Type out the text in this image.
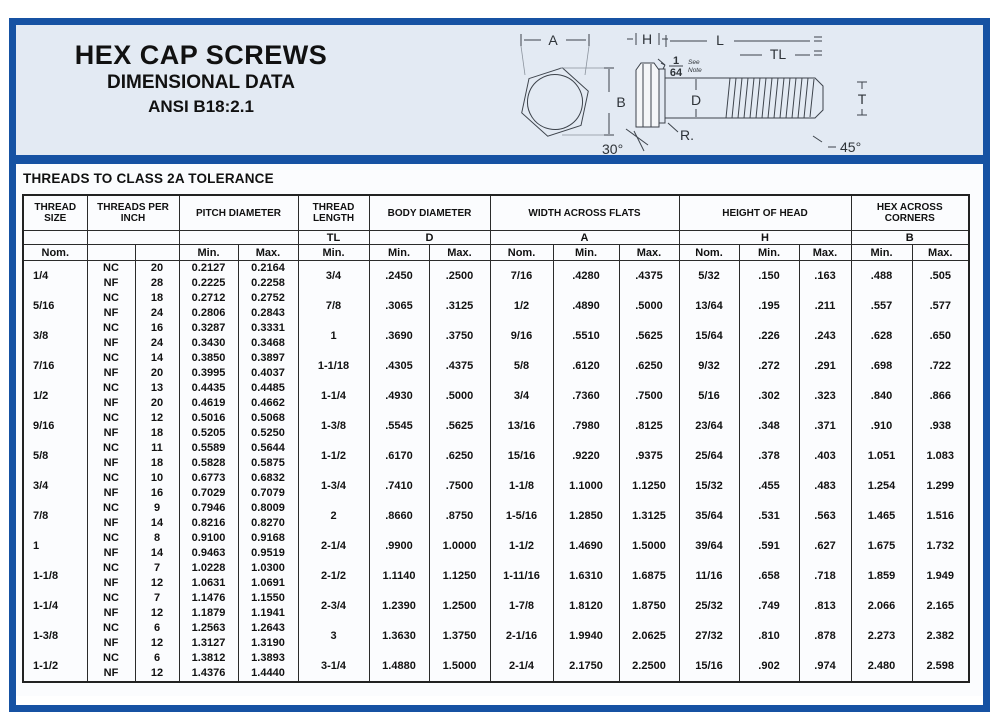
HEX CAP SCREWS
DIMENSIONAL DATA
ANSI B18:2.1
A
B
H	L
TL
1
64
See
Note
D
R.
30°
T
45°
THREADS TO CLASS 2A TOLERANCE
THREAD SIZE	THREADS PER INCH		PITCH DIAMETER		THREAD LENGTH	BODY DIAMETER		WIDTH ACROSS FLATS			HEIGHT OF HEAD			HEX ACROSS CORNERS	
					TL	D		A			H			B	
Nom.			Min.	Max.	Min.	Min.	Max.	Nom.	Min.	Max.	Nom.	Min.	Max.	Min.	Max.
1/4	NC	20	0.2127	0.2164	3/4	.2450	.2500	7/16	.4280	.4375	5/32	.150	.163	.488	.505
	NF	28	0.2225	0.2258											
5/16	NC	18	0.2712	0.2752	7/8	.3065	.3125	1/2	.4890	.5000	13/64	.195	.211	.557	.577
	NF	24	0.2806	0.2843											
3/8	NC	16	0.3287	0.3331	1	.3690	.3750	9/16	.5510	.5625	15/64	.226	.243	.628	.650
	NF	24	0.3430	0.3468											
7/16	NC	14	0.3850	0.3897	1-1/18	.4305	.4375	5/8	.6120	.6250	9/32	.272	.291	.698	.722
	NF	20	0.3995	0.4037											
1/2	NC	13	0.4435	0.4485	1-1/4	.4930	.5000	3/4	.7360	.7500	5/16	.302	.323	.840	.866
	NF	20	0.4619	0.4662											
9/16	NC	12	0.5016	0.5068	1-3/8	.5545	.5625	13/16	.7980	.8125	23/64	.348	.371	.910	.938
	NF	18	0.5205	0.5250											
5/8	NC	11	0.5589	0.5644	1-1/2	.6170	.6250	15/16	.9220	.9375	25/64	.378	.403	1.051	1.083
	NF	18	0.5828	0.5875											
3/4	NC	10	0.6773	0.6832	1-3/4	.7410	.7500	1-1/8	1.1000	1.1250	15/32	.455	.483	1.254	1.299
	NF	16	0.7029	0.7079											
7/8	NC	9	0.7946	0.8009	2	.8660	.8750	1-5/16	1.2850	1.3125	35/64	.531	.563	1.465	1.516
	NF	14	0.8216	0.8270											
1	NC	8	0.9100	0.9168	2-1/4	.9900	1.0000	1-1/2	1.4690	1.5000	39/64	.591	.627	1.675	1.732
	NF	14	0.9463	0.9519											
1-1/8	NC	7	1.0228	1.0300	2-1/2	1.1140	1.1250	1-11/16	1.6310	1.6875	11/16	.658	.718	1.859	1.949
	NF	12	1.0631	1.0691											
1-1/4	NC	7	1.1476	1.1550	2-3/4	1.2390	1.2500	1-7/8	1.8120	1.8750	25/32	.749	.813	2.066	2.165
	NF	12	1.1879	1.1941											
1-3/8	NC	6	1.2563	1.2643	3	1.3630	1.3750	2-1/16	1.9940	2.0625	27/32	.810	.878	2.273	2.382
	NF	12	1.3127	1.3190											
1-1/2	NC	6	1.3812	1.3893	3-1/4	1.4880	1.5000	2-1/4	2.1750	2.2500	15/16	.902	.974	2.480	2.598
	NF	12	1.4376	1.4440											
